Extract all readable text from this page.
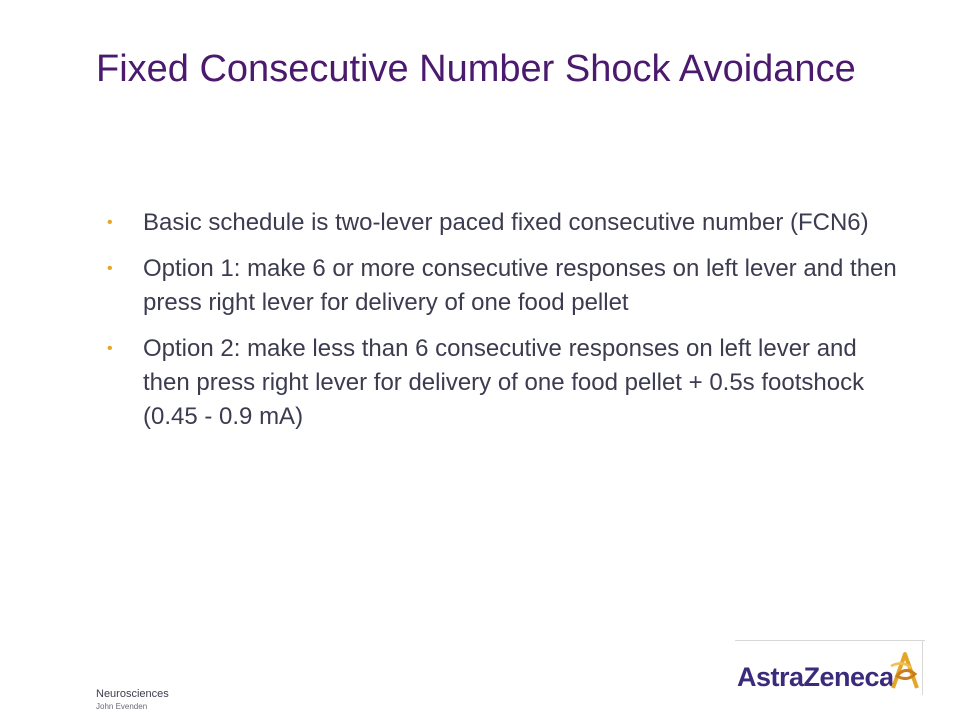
Fixed Consecutive Number Shock Avoidance
• Basic schedule is two-lever paced fixed consecutive number (FCN6)
• Option 1: make 6 or more consecutive responses on left lever and then press right lever for delivery of one food pellet
• Option 2: make less than 6 consecutive responses on left lever and then press right lever for delivery of one food pellet + 0.5s footshock (0.45 - 0.9 mA)
Neurosciences
John Evenden
AstraZeneca
